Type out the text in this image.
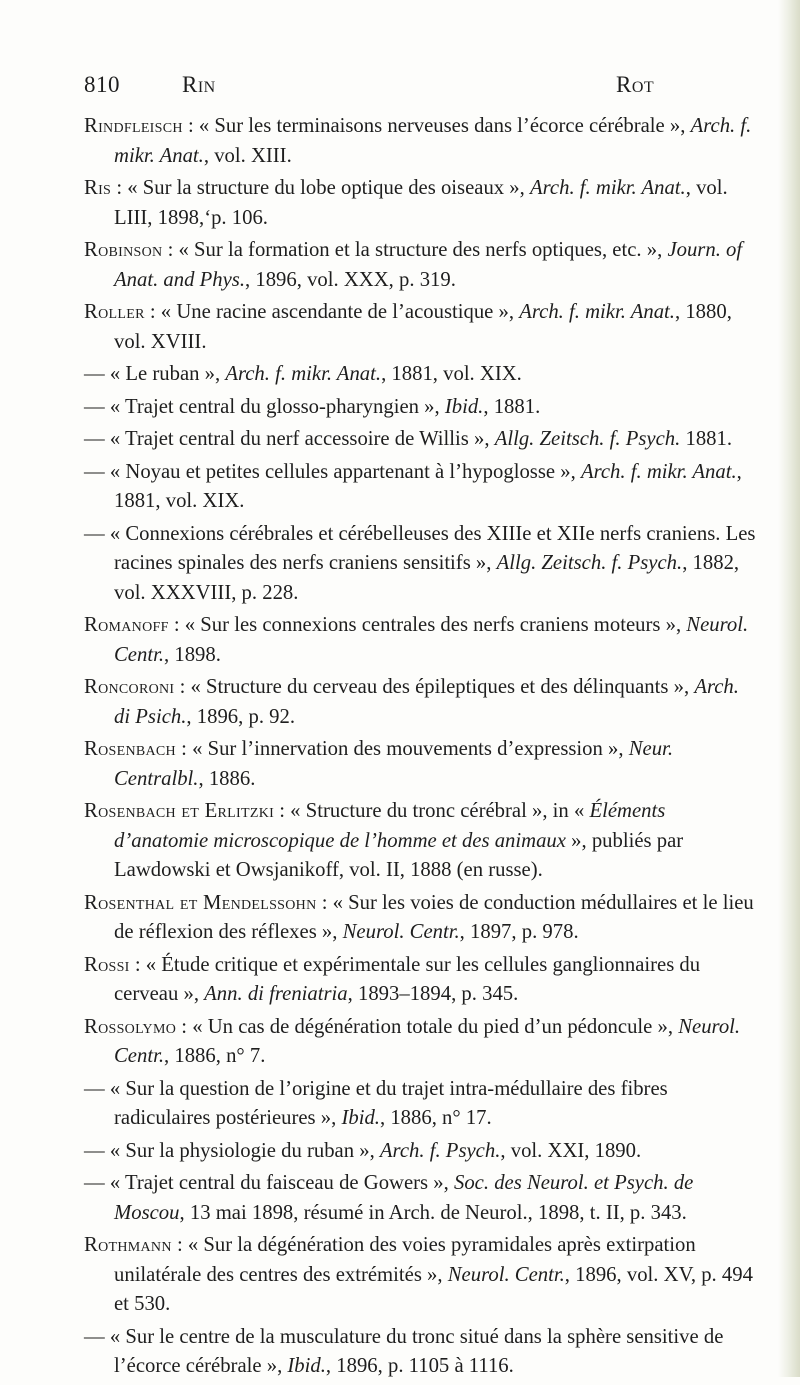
810	Rin	Rot

Rindfleisch : « Sur les terminaisons nerveuses dans l’écorce cérébrale », Arch. f. mikr. Anat., vol. XIII.

Ris : « Sur la structure du lobe optique des oiseaux », Arch. f. mikr. Anat., vol. LIII, 1898,‘p. 106.

Robinson : « Sur la formation et la structure des nerfs optiques, etc. », Journ. of Anat. and Phys., 1896, vol. XXX, p. 319.

Roller : « Une racine ascendante de l’acoustique », Arch. f. mikr. Anat., 1880, vol. XVIII.

— « Le ruban », Arch. f. mikr. Anat., 1881, vol. XIX.

— « Trajet central du glosso-pharyngien », Ibid., 1881.

— « Trajet central du nerf accessoire de Willis », Allg. Zeitsch. f. Psych. 1881.

— « Noyau et petites cellules appartenant à l’hypoglosse », Arch. f. mikr. Anat., 1881, vol. XIX.

— « Connexions cérébrales et cérébelleuses des XIIIe et XIIe nerfs craniens. Les racines spinales des nerfs craniens sensitifs », Allg. Zeitsch. f. Psych., 1882, vol. XXXVIII, p. 228.

Romanoff : « Sur les connexions centrales des nerfs craniens moteurs », Neurol. Centr., 1898.

Roncoroni : « Structure du cerveau des épileptiques et des délinquants », Arch. di Psich., 1896, p. 92.

Rosenbach : « Sur l’innervation des mouvements d’expression », Neur. Centralbl., 1886.

Rosenbach et Erlitzki : « Structure du tronc cérébral », in « Éléments d’anatomie microscopique de l’homme et des animaux », publiés par Lawdowski et Owsjanikoff, vol. II, 1888 (en russe).

Rosenthal et Mendelssohn : « Sur les voies de conduction médullaires et le lieu de réflexion des réflexes », Neurol. Centr., 1897, p. 978.

Rossi : « Étude critique et expérimentale sur les cellules ganglionnaires du cerveau », Ann. di freniatria, 1893–1894, p. 345.

Rossolymo : « Un cas de dégénération totale du pied d’un pédoncule », Neurol. Centr., 1886, n° 7.

— « Sur la question de l’origine et du trajet intra-médullaire des fibres radiculaires postérieures », Ibid., 1886, n° 17.

— « Sur la physiologie du ruban », Arch. f. Psych., vol. XXI, 1890.

— « Trajet central du faisceau de Gowers », Soc. des Neurol. et Psych. de Moscou, 13 mai 1898, résumé in Arch. de Neurol., 1898, t. II, p. 343.

Rothmann : « Sur la dégénération des voies pyramidales après extirpation unilatérale des centres des extrémités », Neurol. Centr., 1896, vol. XV, p. 494 et 530.

— « Sur le centre de la musculature du tronc situé dans la sphère sensitive de l’écorce cérébrale », Ibid., 1896, p. 1105 à 1116.
